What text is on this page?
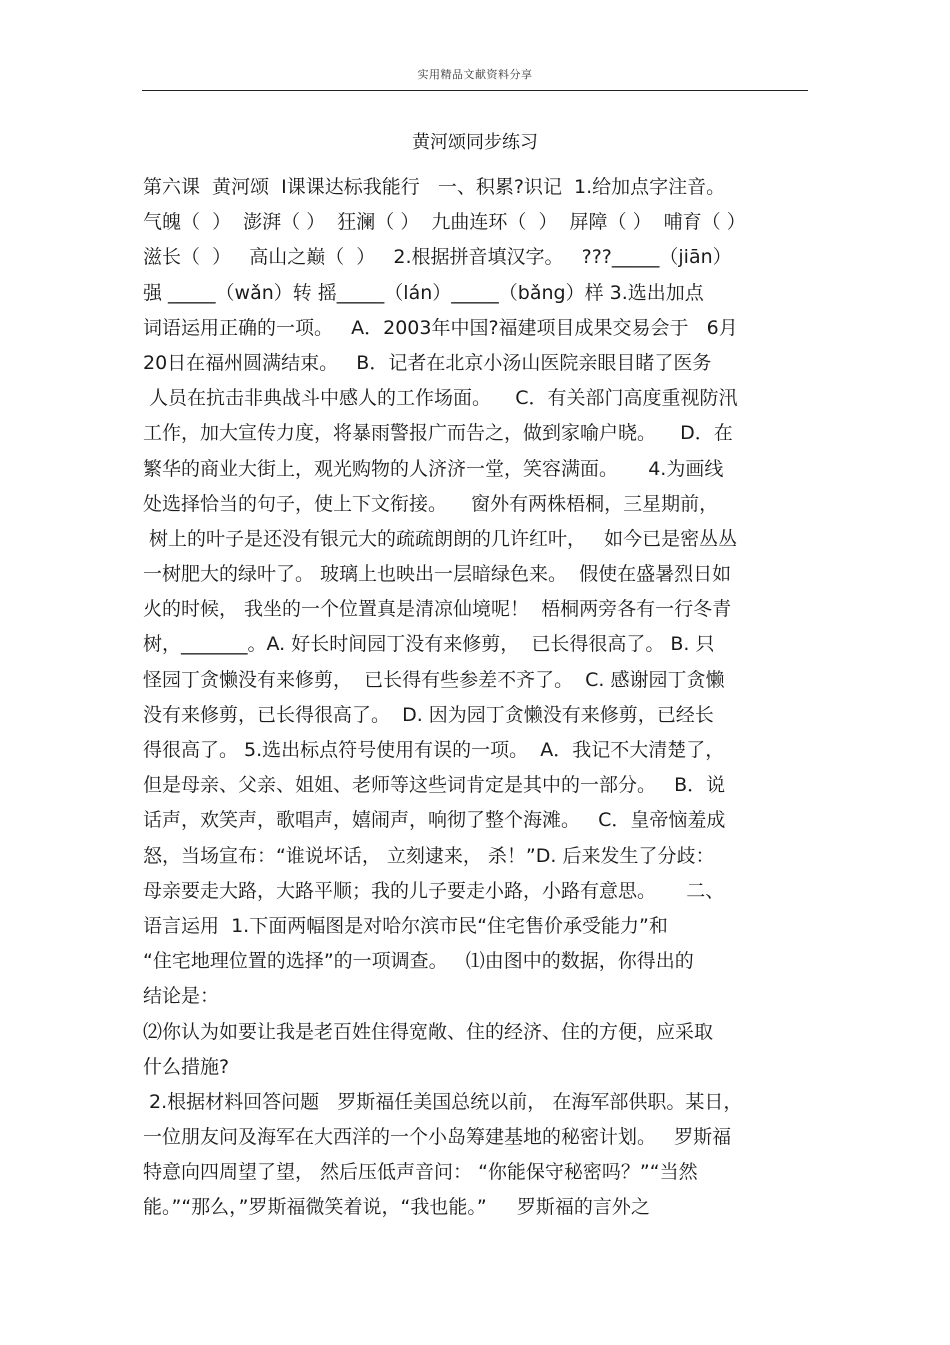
实用精品文献资料分享
黄河颂同步练习
第六课  黄河颂  Ⅰ课课达标我能行   一、积累?识记  1.给加点字注音。
气魄（  ）  澎湃（ ）  狂澜（ ）  九曲连环（  ）  屏障（ ）  哺育（ ）
滋长（  ）   高山之巅（  ）   2.根据拼音填汉字。   ???_____（jiān）
强 _____（wǎn）转 摇_____（lán）_____（bǎng）样 3.选出加点
词语运用正确的一项。   A．2003年中国?福建项目成果交易会于   6月
20日在福州圆满结束。   B．记者在北京小汤山医院亲眼目睹了医务
人员在抗击非典战斗中感人的工作场面。    C．有关部门高度重视防汛
工作，加大宣传力度，将暴雨警报广而告之，做到家喻户晓。    D．在
繁华的商业大街上，观光购物的人济济一堂，笑容满面。     4.为画线
处选择恰当的句子，使上下文衔接。    窗外有两株梧桐，三星期前，
树上的叶子是还没有银元大的疏疏朗朗的几许红叶，   如今已是密丛丛
一树肥大的绿叶了。 玻璃上也映出一层暗绿色来。  假使在盛暑烈日如
火的时候， 我坐的一个位置真是清凉仙境呢！  梧桐两旁各有一行冬青
树，_______。A. 好长时间园丁没有来修剪，  已长得很高了。 B. 只
怪园丁贪懒没有来修剪，  已长得有些参差不齐了。  C. 感谢园丁贪懒
没有来修剪，已长得很高了。  D. 因为园丁贪懒没有来修剪，已经长
得很高了。 5.选出标点符号使用有误的一项。  A．我记不大清楚了，
但是母亲、父亲、姐姐、老师等这些词肯定是其中的一部分。   B．说
话声，欢笑声，歌唱声，嬉闹声，响彻了整个海滩。   C．皇帝恼羞成
怒，当场宣布：“谁说坏话， 立刻逮来， 杀！”D. 后来发生了分歧：
母亲要走大路，大路平顺；我的儿子要走小路，小路有意思。     二、
语言运用  1.下面两幅图是对哈尔滨市民“住宅售价承受能力”和
“住宅地理位置的选择”的一项调查。   ⑴由图中的数据，你得出的
结论是：
⑵你认为如要让我是老百姓住得宽敞、住的经济、住的方便，应采取
什么措施?
2.根据材料回答问题   罗斯福任美国总统以前， 在海军部供职。某日，
一位朋友问及海军在大西洋的一个小岛筹建基地的秘密计划。   罗斯福
特意向四周望了望， 然后压低声音问： “你能保守秘密吗？”“当然
能。”“那么，”罗斯福微笑着说，“我也能。”     罗斯福的言外之
